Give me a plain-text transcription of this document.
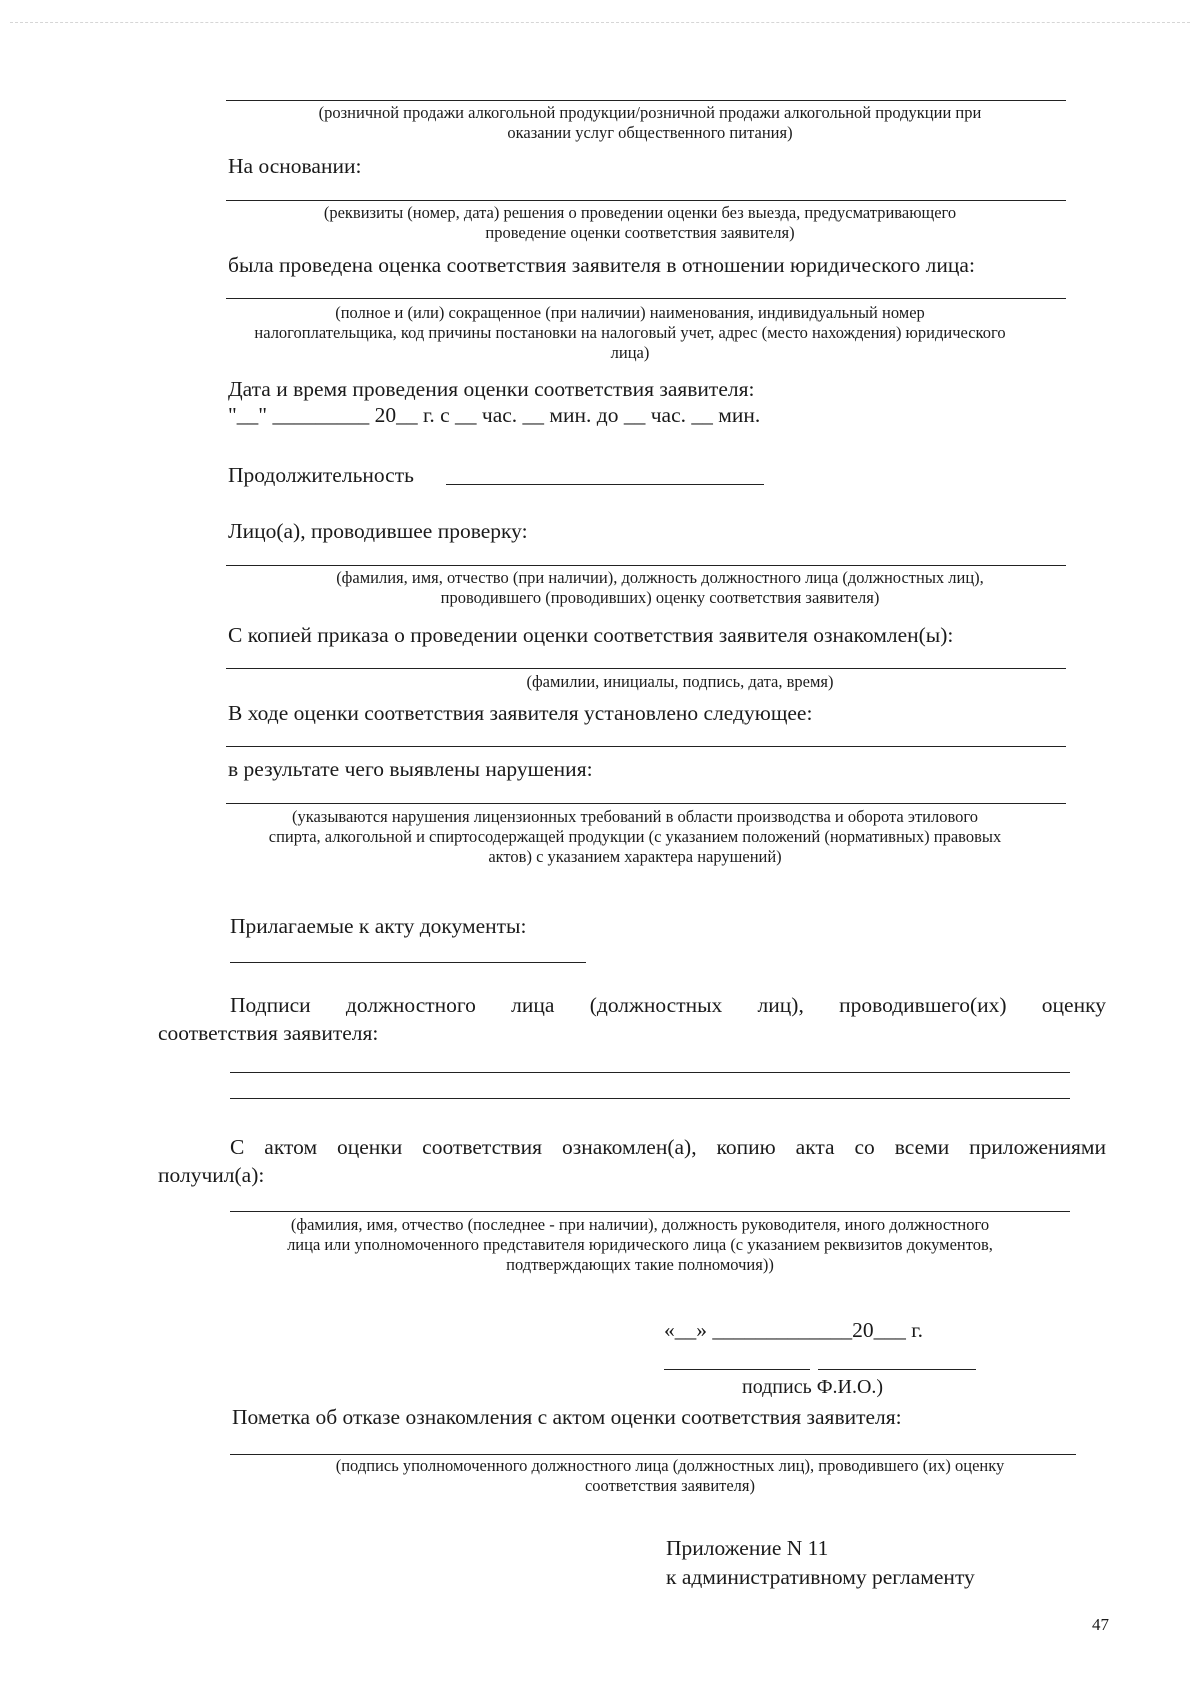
(розничной продажи алкогольной продукции/розничной продажи алкогольной продукции при
оказании услуг общественного питания)
На основании:
(реквизиты (номер, дата) решения о проведении оценки без выезда, предусматривающего
проведение оценки соответствия заявителя)
была проведена оценка соответствия заявителя в отношении юридического лица:
(полное и (или) сокращенное (при наличии) наименования, индивидуальный номер
налогоплательщика, код причины постановки на налоговый учет, адрес (место нахождения) юридического
лица)
Дата и время проведения оценки соответствия заявителя:
"__" _________ 20__ г. с __ час. __ мин. до __ час. __ мин.
Продолжительность
Лицо(а), проводившее проверку:
(фамилия, имя, отчество (при наличии), должность должностного лица (должностных лиц),
проводившего (проводивших) оценку соответствия заявителя)
С копией приказа о проведении оценки соответствия заявителя ознакомлен(ы):
(фамилии, инициалы, подпись, дата, время)
В ходе оценки соответствия заявителя установлено следующее:
в результате чего выявлены нарушения:
(указываются нарушения лицензионных требований в области производства и оборота этилового
спирта, алкогольной и спиртосодержащей продукции (с указанием положений (нормативных) правовых
актов) с указанием характера нарушений)
Прилагаемые к акту документы:
Подписи должностного лица (должностных лиц), проводившего(их) оценку
соответствия заявителя:
С актом оценки соответствия ознакомлен(а), копию акта со всеми приложениями
получил(а):
(фамилия, имя, отчество (последнее - при наличии), должность руководителя, иного должностного
лица или уполномоченного представителя юридического лица (с указанием реквизитов документов,
подтверждающих такие полномочия))
«__» _____________20___ г.
подпись Ф.И.О.)
Пометка об отказе ознакомления с актом оценки соответствия заявителя:
(подпись уполномоченного должностного лица (должностных лиц), проводившего (их) оценку
соответствия заявителя)
Приложение N 11
к административному регламенту
47
